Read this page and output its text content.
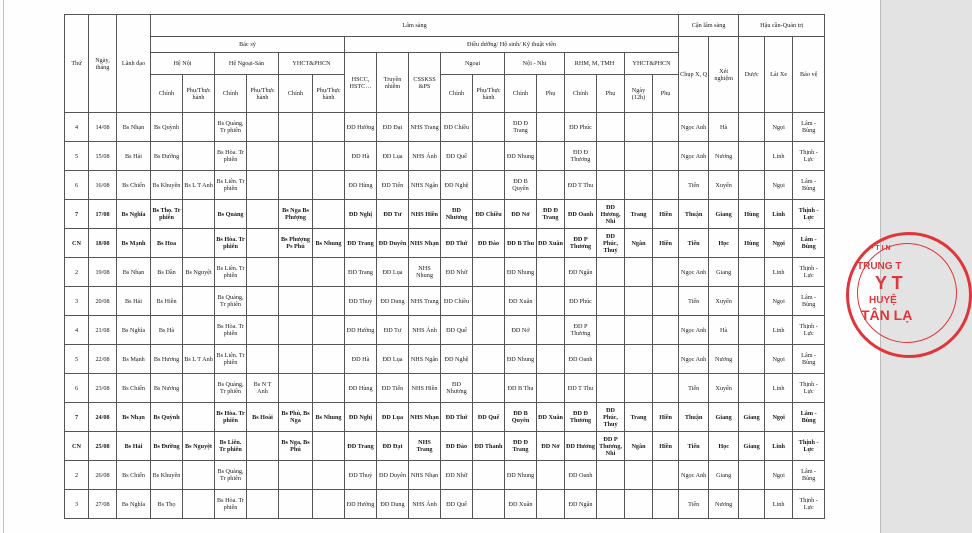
Thứ	Ngày, tháng	Lãnh đạo	Lâm sàng																	Cận lâm sàng		Hậu cần-Quản trị		
			Bác sỹ						Điều dưỡng/ Hộ sinh/ Kỹ thuật viên											Chụp X, Q	Xét nghiệm	Dược	Lái Xe	Bảo vệ
			Hệ Nội		Hệ Ngoại-Sản		YHCT&PHCN		HSCC, HSTC…	Truyền nhiễm	CSSKSS &PS	Ngoại		Nội - Nhi		RHM, M, TMH		YHCT&PHCN						
			Chính	Phụ/Thực hành	Chính	Phụ/Thực hành	Chính	Phụ/Thực hành				Chính	Phụ/Thực hành	Chính	Phụ	Chính	Phụ	Ngày (12h)	Phụ					
4	14/08	Bs Nhạn	Bs Quỳnh		Bs Quảng, Tr phiên				ĐD Hường	ĐD Đạt	NHS Trang	ĐD Chiều		ĐD Đ Trang		ĐD Phúc				Ngọc Anh	Hà		Ngọi	Lâm - Bùng
5	15/08	Bs Hải	Bs Đường		Bs Hòa. Tr phiên				ĐD Hà	ĐD Lụa	NHS Ánh	ĐD Quế		ĐD Nhung		ĐD Đ Thương				Ngọc Anh	Nương		Linh	Thịnh - Lực
6	16/08	Bs Chiến	Bs Khuyên	Bs L T Anh	Bs Liên. Tr phiên				ĐD Hùng	ĐD Tiến	NHS Ngân	ĐD Nghệ		ĐD B Quyên		ĐD T Thu				Tiến	Xuyến		Ngọi	Lâm - Bùng
7	17/08	Bs Nghĩa	Bs Thọ. Tr phiên		Bs Quảng		Bs Nga Bs Phượng		ĐD Nghị	ĐD Tư	NHS Hiền	ĐD Nhương	ĐD Chiều	ĐD Nở	ĐD Đ Trang	ĐD Oanh	ĐD Hương, Nhi	Trang	Hiền	Thuận	Giang	Hùng	Linh	Thịnh - Lực
CN	18/08	Bs Mạnh	Bs Hoa		Bs Hòa. Tr phiên		Bs Phượng Ps Phú	Bs Nhung	ĐD Trang	ĐD Duyên	NHS Nhạn	ĐD Thứ	ĐD Đào	ĐD B Thu	ĐD Xuân	ĐD P Thương	ĐD Phúc, Thuỷ	Ngân	Hiền	Tiến	Học	Hùng	Ngọi	Lâm - Bùng
2	19/08	Bs Nhạn	Bs Dần	Bs Nguyệt	Bs Liên. Tr phiên				ĐD Trang	ĐD Lụa	NHS Nhung	ĐD Nhữ		ĐD Nhung		ĐD Ngân				Ngọc Anh	Giang		Linh	Thịnh - Lực
3	20/08	Bs Hải	Bs Hiền		Bs Quảng, Tr phiên				ĐD Thuỷ	ĐD Dung	NHS Trang	ĐD Chiều		ĐD Xuân		ĐD Phúc				Tiến	Xuyến		Ngọi	Lâm - Bùng
4	21/08	Bs Nghĩa	Bs Hà		Bs Hòa. Tr phiên				ĐD Hường	ĐD Tư	NHS Ánh	ĐD Quế		ĐD Nở		ĐD P Thương				Ngọc Anh	Hà		Linh	Thịnh - Lực
5	22/08	Bs Mạnh	Bs Hương	Bs L T Anh	Bs Liên. Tr phiên				ĐD Hà	ĐD Lụa	NHS Ngân	ĐD Nghệ		ĐD Nhung		ĐD Oanh				Ngọc Anh	Nương		Ngọi	Lâm - Bùng
6	23/08	Bs Chiến	Bs Nương		Bs Quảng, Tr phiên	Bs N T Anh			ĐD Hùng	ĐD Tiến	NHS Hiền	ĐD Nhương		ĐD B Thu		ĐD T Thu				Tiến	Xuyến		Linh	Thịnh - Lực
7	24/08	Bs Nhạn	Bs Quỳnh		Bs Hòa. Tr phiên	Bs Hoài	Bs Phú, Bs Nga	Bs Nhung	ĐD Nghị	ĐD Lụa	NHS Nhạn	ĐD Thứ	ĐD Quế	ĐD B Quyên	ĐD Xuân	ĐD Đ Thương	ĐD Phúc, Thuỷ	Trang	Hiền	Thuận	Giang	Giang	Ngọi	Lâm - Bùng
CN	25/08	Bs Hải	Bs Đường	Bs Nguyệt	Bs Liên. Tr phiên		Bs Nga, Bs Phú		ĐD Trang	ĐD Đạt	NHS Trang	ĐD Đào	ĐD Thanh	ĐD Đ Trang	ĐD Nở	ĐD Hương	ĐD P Thương, Nhi	Ngân	Hiền	Tiến	Học	Giang	Linh	Thịnh - Lực
2	26/08	Bs Chiến	Bs Khuyên		Bs Quảng, Tr phiên				ĐD Thuỷ	ĐD Duyên	NHS Nhạn	ĐD Nhữ		ĐD Nhung		ĐD Oanh				Ngọc Anh	Giang		Ngọi	Lâm - Bùng
3	27/08	Bs Nghĩa	Bs Thọ		Bs Hòa. Tr phiên				ĐD Hường	ĐD Dung	NHS Ánh	ĐD Quế		ĐD Xuân		ĐD Ngân				Tiến	Nương		Linh	Thịnh - Lực
• T I N
TRUNG T
Y T
HUYỆ
TÂN LẠ
